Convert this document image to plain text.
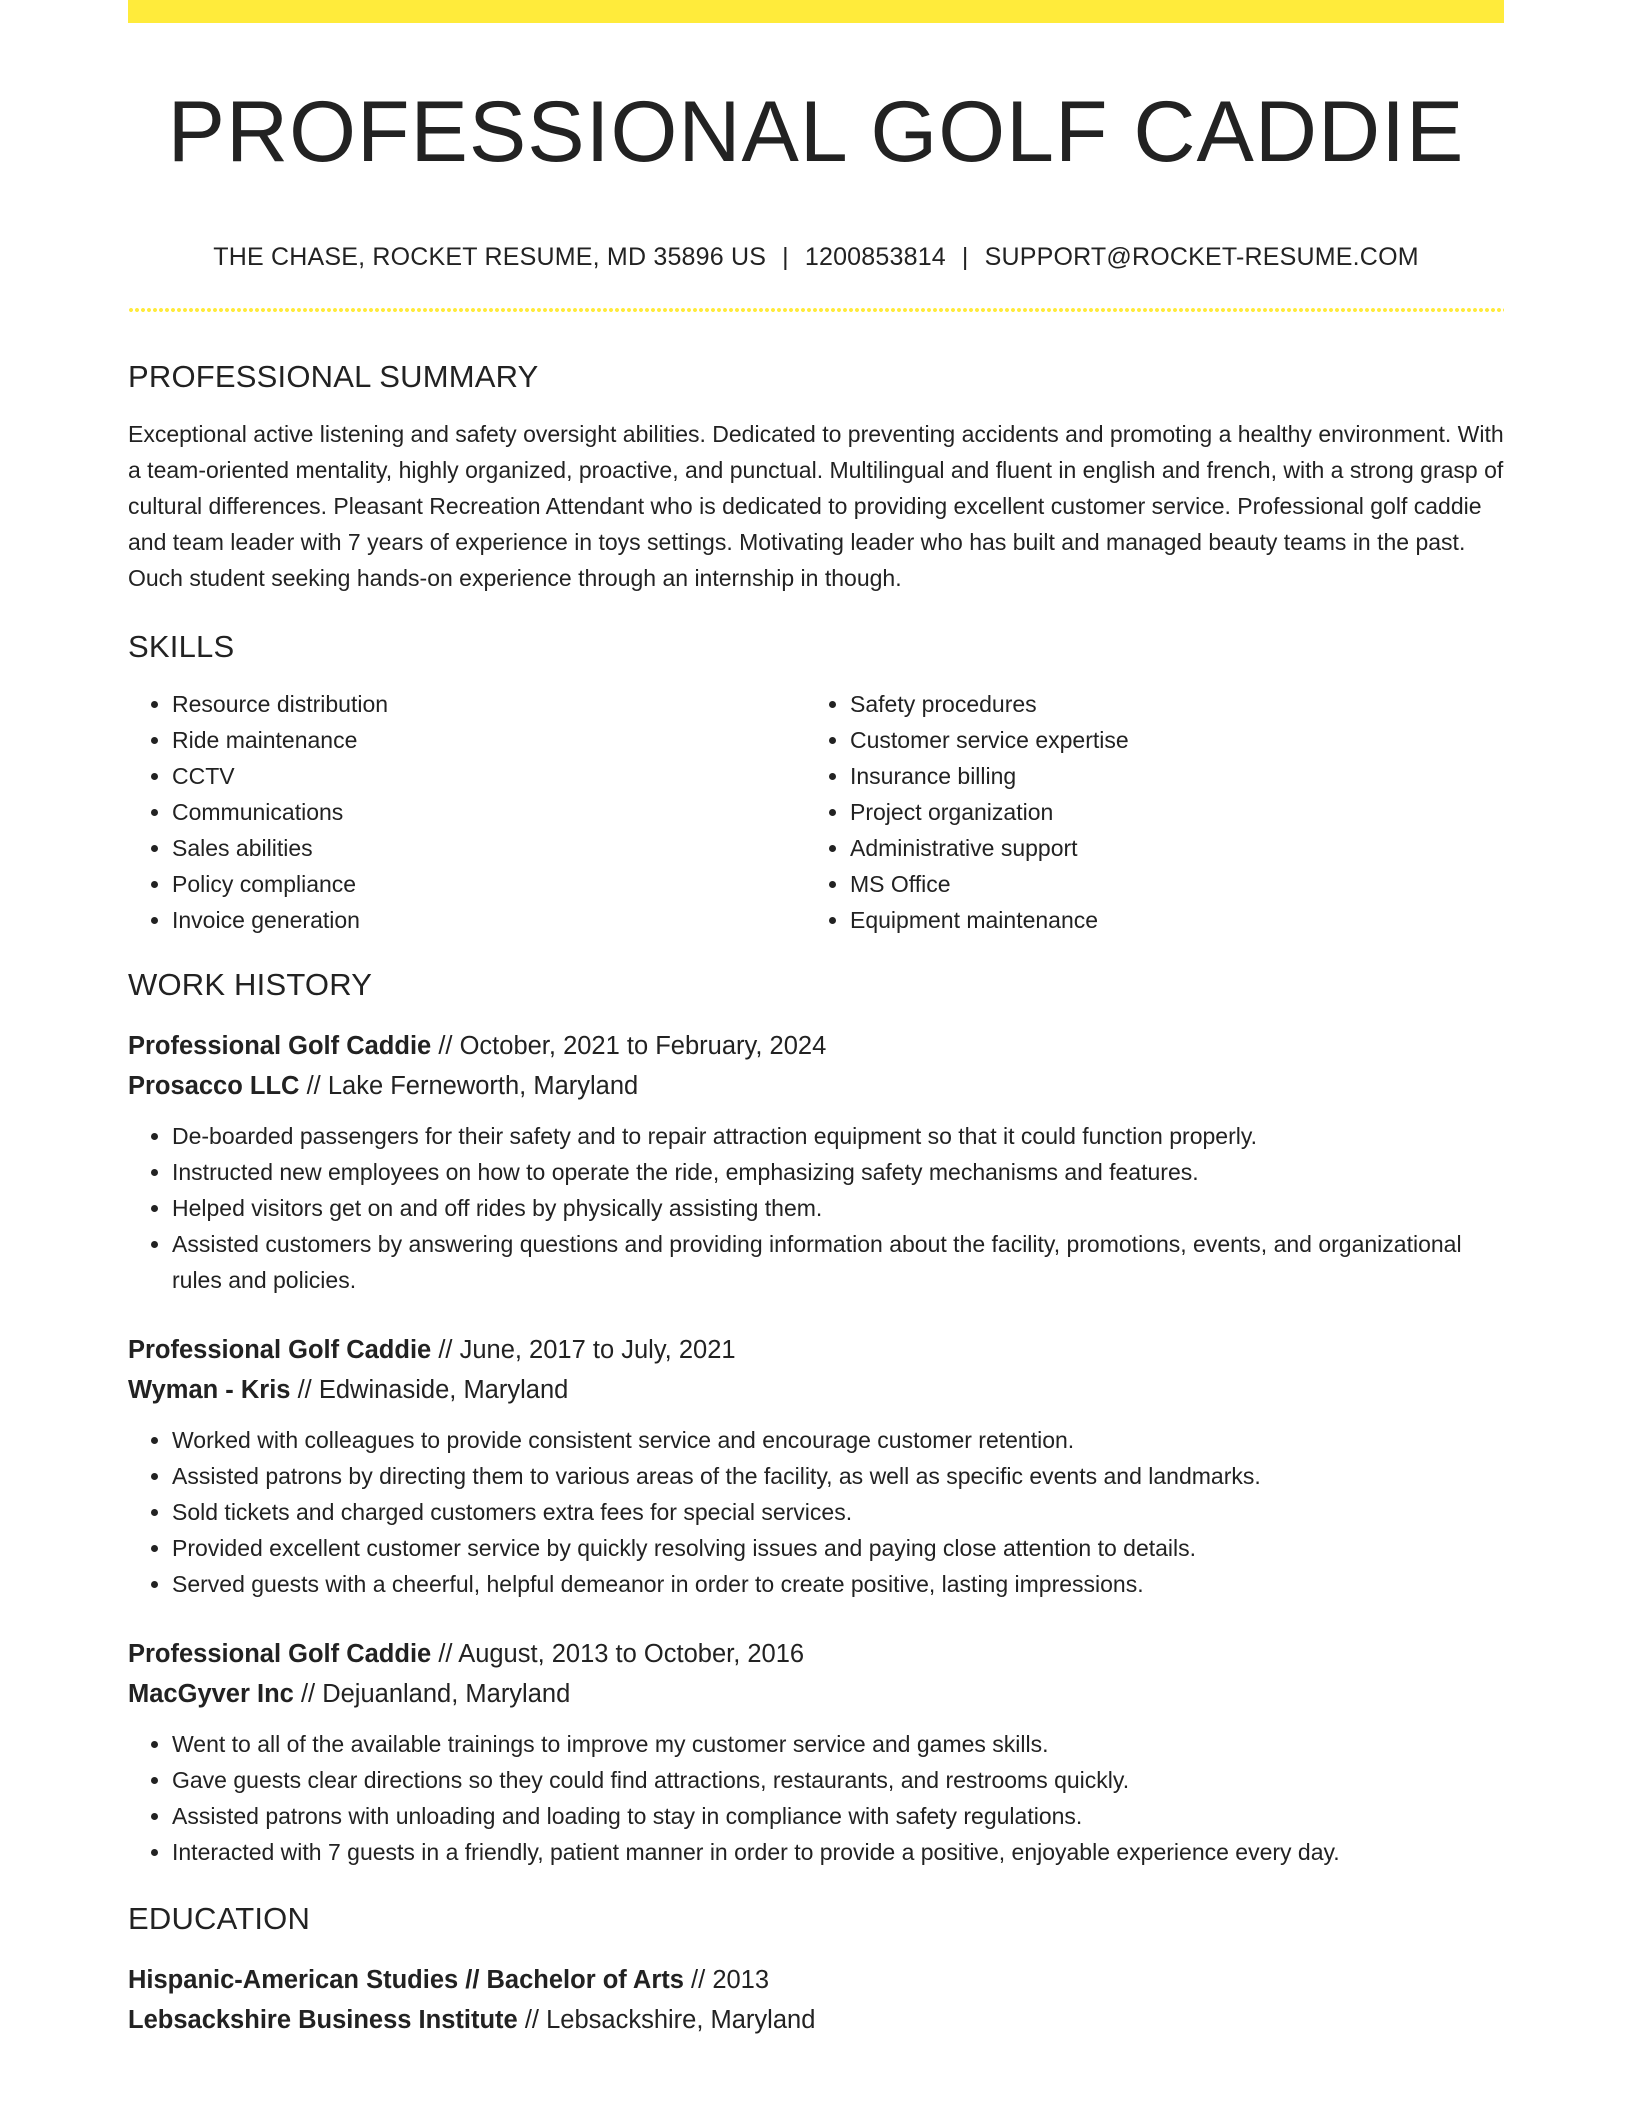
PROFESSIONAL GOLF CADDIE
THE CHASE, ROCKET RESUME, MD 35896 US | 1200853814 | SUPPORT@ROCKET-RESUME.COM
PROFESSIONAL SUMMARY

Exceptional active listening and safety oversight abilities. Dedicated to preventing accidents and promoting a healthy environment. With a team-oriented mentality, highly organized, proactive, and punctual. Multilingual and fluent in english and french, with a strong grasp of cultural differences. Pleasant Recreation Attendant who is dedicated to providing excellent customer service. Professional golf caddie and team leader with 7 years of experience in toys settings. Motivating leader who has built and managed beauty teams in the past. Ouch student seeking hands-on experience through an internship in though.

SKILLS
• Resource distribution
• Ride maintenance
• CCTV
• Communications
• Sales abilities
• Policy compliance
• Invoice generation
• Safety procedures
• Customer service expertise
• Insurance billing
• Project organization
• Administrative support
• MS Office
• Equipment maintenance
WORK HISTORY

Professional Golf Caddie // October, 2021 to February, 2024

Prosacco LLC // Lake Ferneworth, Maryland

• De-boarded passengers for their safety and to repair attraction equipment so that it could function properly.
• Instructed new employees on how to operate the ride, emphasizing safety mechanisms and features.
• Helped visitors get on and off rides by physically assisting them.
• Assisted customers by answering questions and providing information about the facility, promotions, events, and organizational rules and policies.

Professional Golf Caddie // June, 2017 to July, 2021

Wyman - Kris // Edwinaside, Maryland

• Worked with colleagues to provide consistent service and encourage customer retention.
• Assisted patrons by directing them to various areas of the facility, as well as specific events and landmarks.
• Sold tickets and charged customers extra fees for special services.
• Provided excellent customer service by quickly resolving issues and paying close attention to details.
• Served guests with a cheerful, helpful demeanor in order to create positive, lasting impressions.

Professional Golf Caddie // August, 2013 to October, 2016

MacGyver Inc // Dejuanland, Maryland

• Went to all of the available trainings to improve my customer service and games skills.
• Gave guests clear directions so they could find attractions, restaurants, and restrooms quickly.
• Assisted patrons with unloading and loading to stay in compliance with safety regulations.
• Interacted with 7 guests in a friendly, patient manner in order to provide a positive, enjoyable experience every day.
EDUCATION

Hispanic-American Studies // Bachelor of Arts // 2013

Lebsackshire Business Institute // Lebsackshire, Maryland
